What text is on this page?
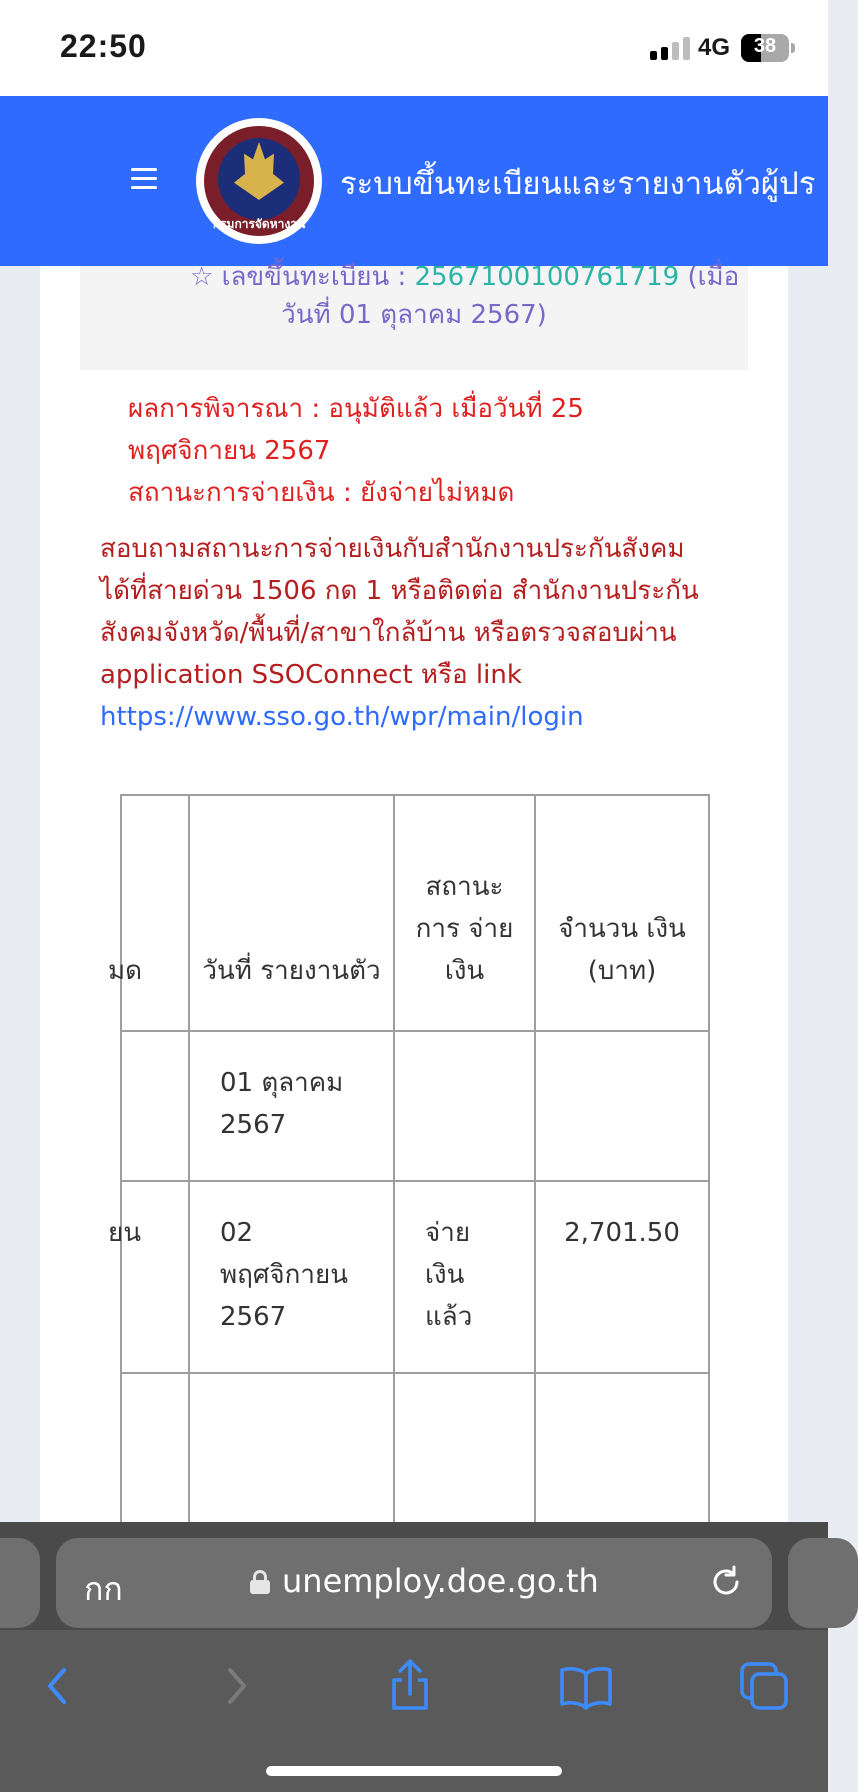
22:50	4G	38
กรมการจัดหางาน
ระบบขึ้นทะเบียนและรายงานตัวผู้ปร
☆ เลขขึ้นทะเบียน : 2567100100761719 (เมื่อ
วันที่ 01 ตุลาคม 2567)
ผลการพิจารณา : อนุมัติแล้ว เมื่อวันที่ 25
พฤศจิกายน 2567
สถานะการจ่ายเงิน : ยังจ่ายไม่หมด
สอบถามสถานะการจ่ายเงินกับสำนักงานประกันสังคม
ได้ที่สายด่วน 1506 กด 1 หรือติดต่อ สำนักงานประกัน
สังคมจังหวัด/พื้นที่/สาขาใกล้บ้าน หรือตรวจสอบผ่าน
application SSOConnect หรือ link
https://www.sso.go.th/wpr/main/login
มด	วันที่ รายงานตัว	สถานะ การ จ่าย เงิน	จำนวน เงิน (บาท)
	01 ตุลาคม 2567		
ยน	02 พฤศจิกายน 2567	จ่าย เงิน แล้ว	2,701.50

กก	unemploy.doe.go.th
